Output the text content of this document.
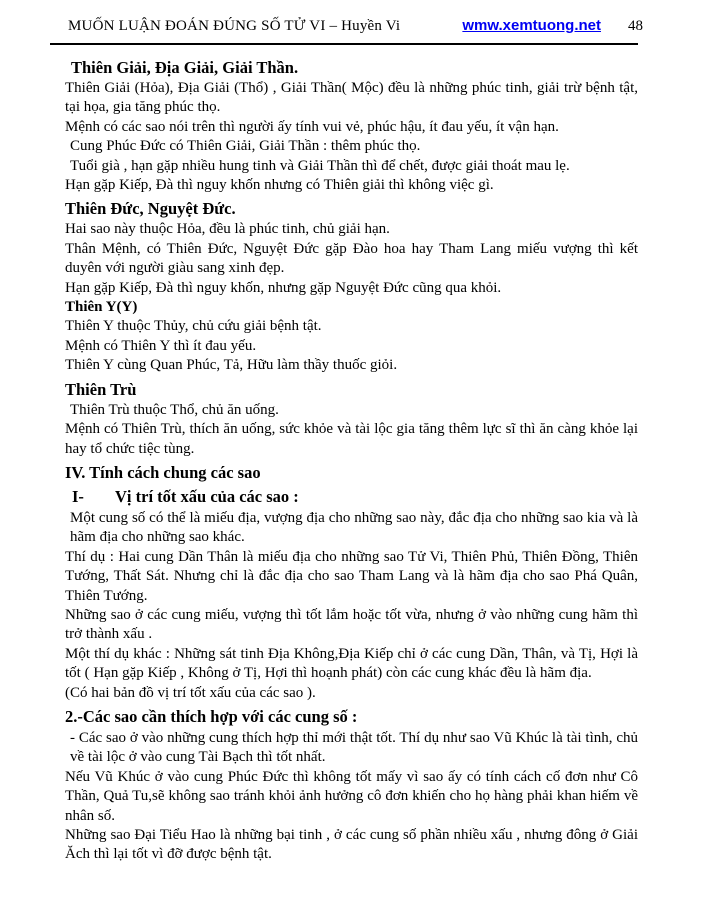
MUỐN LUẬN ĐOÁN ĐÚNG SỐ TỬ VI – Huyền Vi	wmw.xemtuong.net 48
Thiên Giải, Địa Giải, Giải Thần.
Thiên Giải (Hỏa), Địa Giải (Thổ) , Giải Thần( Mộc) đều là những phúc tinh, giải trừ bệnh tật, tại họa, gia tăng phúc thọ.
Mệnh có các sao nói trên thì người ấy tính vui vẻ, phúc hậu, ít đau yếu, ít vận hạn.
Cung Phúc Đức có Thiên Giải, Giải Thần : thêm phúc thọ.
Tuổi già , hạn gặp nhiều hung tinh và Giải Thần thì để chết, được giải thoát mau lẹ.
Hạn gặp Kiếp, Đà thì nguy khốn nhưng có Thiên giải thì không việc gì.
Thiên Đức, Nguyệt Đức.
Hai sao này thuộc Hỏa, đều là phúc tinh, chủ giải hạn.
Thân Mệnh, có Thiên Đức, Nguyệt Đức gặp Đào hoa hay Tham Lang miếu vượng thì kết duyên với người giàu sang xinh đẹp.
Hạn gặp Kiếp, Đà thì nguy khốn, nhưng gặp Nguyệt Đức cũng qua khỏi.
Thiên Y(Y)
Thiên Y thuộc Thủy, chủ cứu giải bệnh tật.
Mệnh có Thiên Y thì ít đau yếu.
Thiên Y cùng Quan Phúc, Tả, Hữu làm thầy thuốc giỏi.
Thiên Trù
Thiên Trù thuộc Thổ, chủ ăn uống.
Mệnh có Thiên Trù, thích ăn uống, sức khỏe và tài lộc gia tăng thêm lực sĩ thì ăn càng khỏe lại hay tổ chức tiệc tùng.
IV. Tính cách chung các sao
I- Vị trí tốt xấu của các sao :
Một cung số có thể là miếu địa, vượng địa cho những sao này, đắc địa cho những sao kia và là hãm địa cho những sao khác.
Thí dụ : Hai cung Dần Thân là miếu địa cho những sao Tử Vi, Thiên Phủ, Thiên Đồng, Thiên Tướng, Thất Sát. Nhưng chỉ là đắc địa cho sao Tham Lang và là hãm địa cho sao Phá Quân, Thiên Tướng.
Những sao ở các cung miếu, vượng thì tốt lắm hoặc tốt vừa, nhưng ở vào những cung hãm thì trở thành xấu .
Một thí dụ khác : Những sát tinh Địa Không,Địa Kiếp chỉ ở các cung Dần, Thân, và Tị, Hợi là tốt ( Hạn gặp Kiếp , Không ở Tị, Hợi thì hoạnh phát) còn các cung khác đều là hãm địa.
(Có hai bản đồ vị trí tốt xấu của các sao ).
2.-Các sao cần thích hợp với các cung số :
- Các sao ở vào những cung thích hợp thỉ mới thật tốt. Thí dụ như sao Vũ Khúc là tài tình, chủ về tài lộc ở vào cung Tài Bạch thì tốt nhất.
Nếu Vũ Khúc ở vào cung Phúc Đức thì không tốt mấy vì sao ấy có tính cách cố đơn như Cô Thần, Quả Tu,sẽ không sao tránh khỏi ảnh hưởng cô đơn khiến cho họ hàng phải khan hiếm về nhân số.
Những sao Đại Tiểu Hao là những bại tinh , ở các cung số phần nhiều xấu , nhưng đông ở Giải Ăch thì lại tốt vì đỡ được bệnh tật.
